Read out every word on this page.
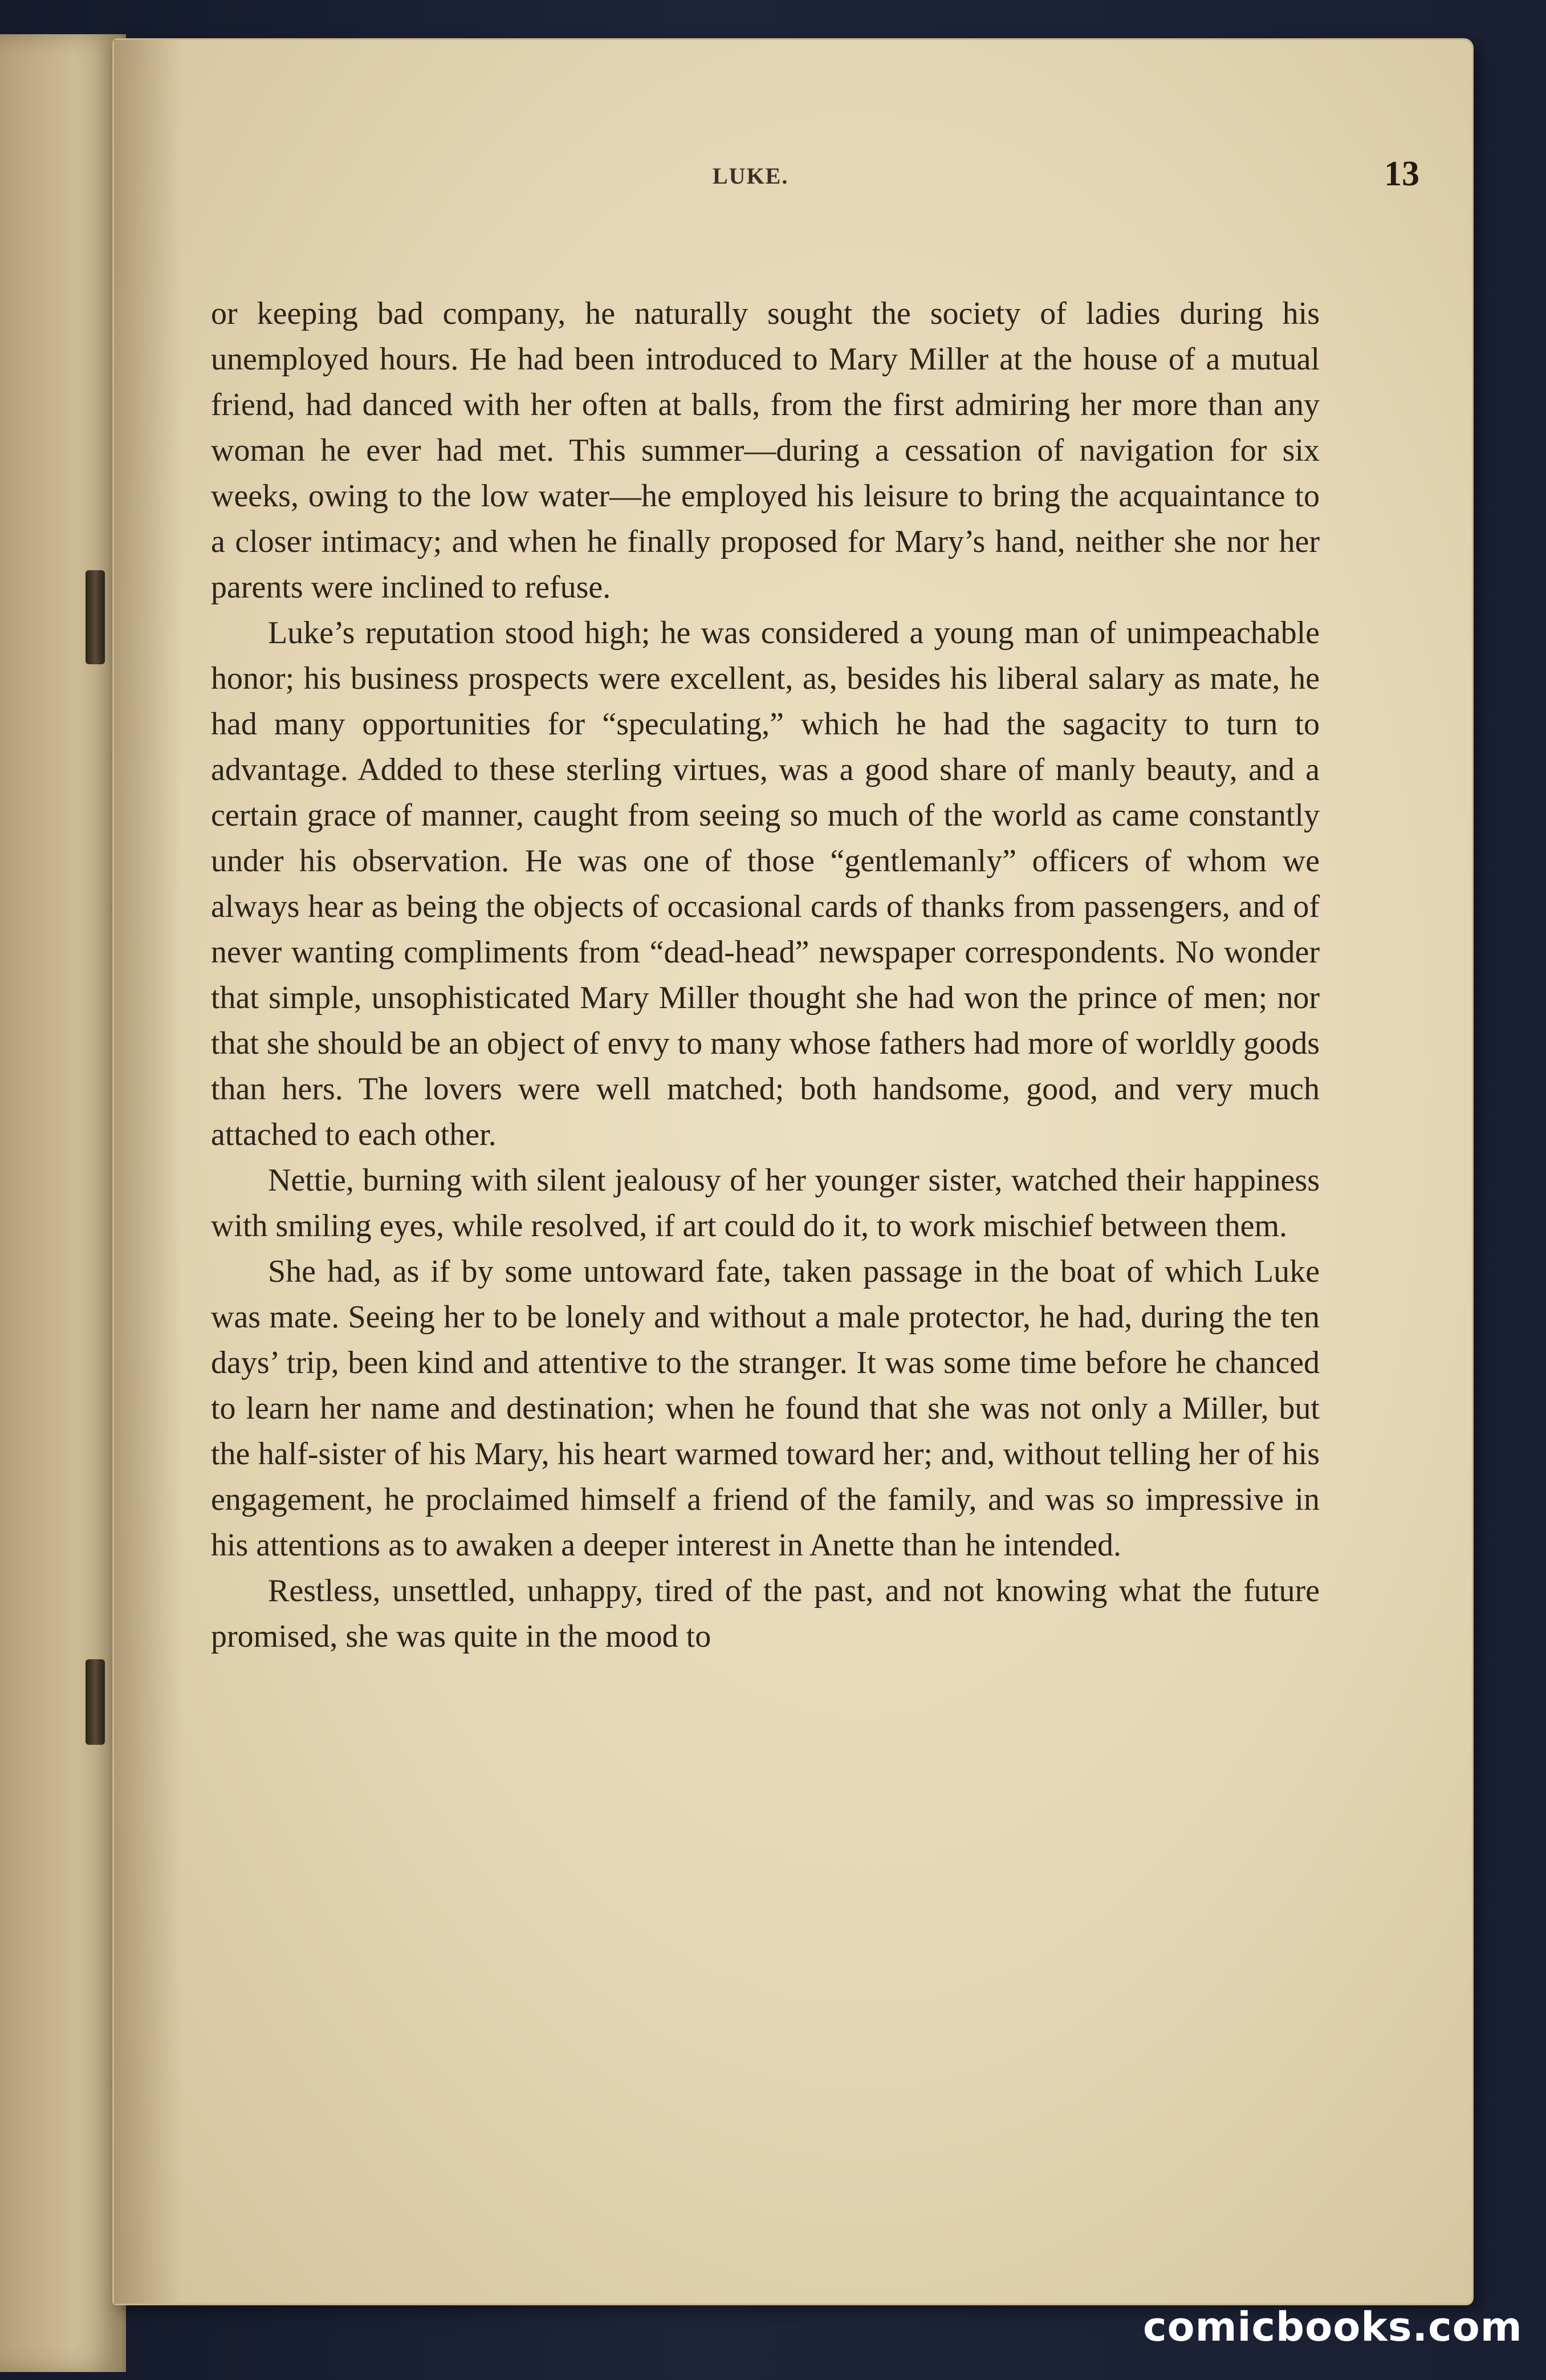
LUKE.	13

or keeping bad company, he naturally sought the society of ladies during his unemployed hours. He had been introduced to Mary Miller at the house of a mutual friend, had danced with her often at balls, from the first admiring her more than any woman he ever had met. This summer—during a cessation of navigation for six weeks, owing to the low water—he employed his leisure to bring the acquaintance to a closer intimacy; and when he finally proposed for Mary’s hand, neither she nor her parents were inclined to refuse.

Luke’s reputation stood high; he was considered a young man of unimpeachable honor; his business prospects were excellent, as, besides his liberal salary as mate, he had many opportunities for “speculating,” which he had the sagacity to turn to advantage. Added to these sterling virtues, was a good share of manly beauty, and a certain grace of manner, caught from seeing so much of the world as came constantly under his observation. He was one of those “gentlemanly” officers of whom we always hear as being the objects of occasional cards of thanks from passengers, and of never wanting compliments from “dead-head” newspaper correspondents. No wonder that simple, unsophisticated Mary Miller thought she had won the prince of men; nor that she should be an object of envy to many whose fathers had more of worldly goods than hers. The lovers were well matched; both handsome, good, and very much attached to each other.

Nettie, burning with silent jealousy of her younger sister, watched their happiness with smiling eyes, while resolved, if art could do it, to work mischief between them.

She had, as if by some untoward fate, taken passage in the boat of which Luke was mate. Seeing her to be lonely and without a male protector, he had, during the ten days’ trip, been kind and attentive to the stranger. It was some time before he chanced to learn her name and destination; when he found that she was not only a Miller, but the half-sister of his Mary, his heart warmed toward her; and, without telling her of his engagement, he proclaimed himself a friend of the family, and was so impressive in his attentions as to awaken a deeper interest in Anette than he intended.

Restless, unsettled, unhappy, tired of the past, and not knowing what the future promised, she was quite in the mood to

comicbooks.com
